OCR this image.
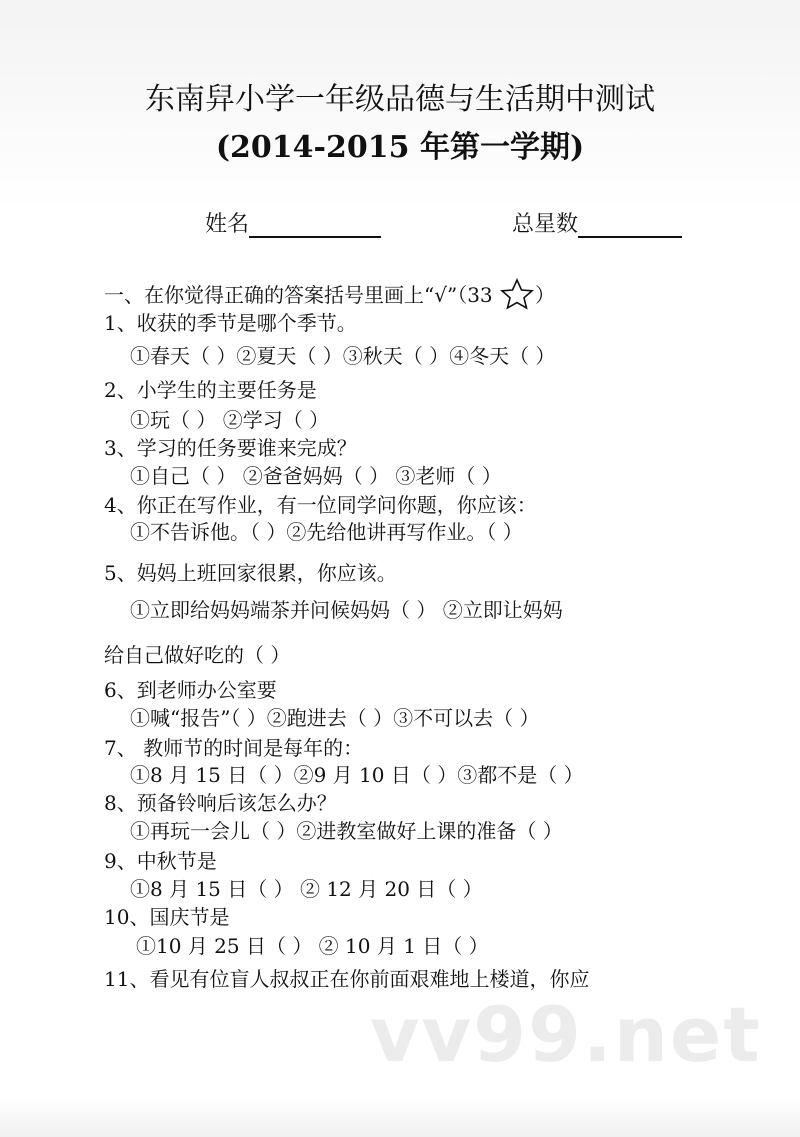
东南舁小学一年级品德与生活期中测试
(2014-2015 年第一学期)
姓名	总星数
一、在你觉得正确的答案括号里画上“√”（33 ）
1、收获的季节是哪个季节。
①春天（ ）②夏天（ ）③秋天（ ）④冬天（ ）
2、小学生的主要任务是
①玩（ ） ②学习（ ）
3、学习的任务要谁来完成？
①自己（ ） ②爸爸妈妈（ ） ③老师（ ）
4、你正在写作业，有一位同学问你题，你应该：
①不告诉他。（ ）②先给他讲再写作业。（ ）
5、妈妈上班回家很累，你应该。
①立即给妈妈端茶并问候妈妈（ ） ②立即让妈妈
给自己做好吃的（ ）
6、到老师办公室要
①喊“报告”（ ）②跑进去（ ）③不可以去（ ）
7、 教师节的时间是每年的：
①8 月 15 日（ ）②9 月 10 日（ ）③都不是（ ）
8、预备铃响后该怎么办？
①再玩一会儿（ ）②进教室做好上课的准备（ ）
9、中秋节是
①8 月 15 日（ ） ② 12 月 20 日（ ）
10、国庆节是
①10 月 25 日（ ） ② 10 月 1 日（ ）
11、看见有位盲人叔叔正在你前面艰难地上楼道，你应
vv99.net
